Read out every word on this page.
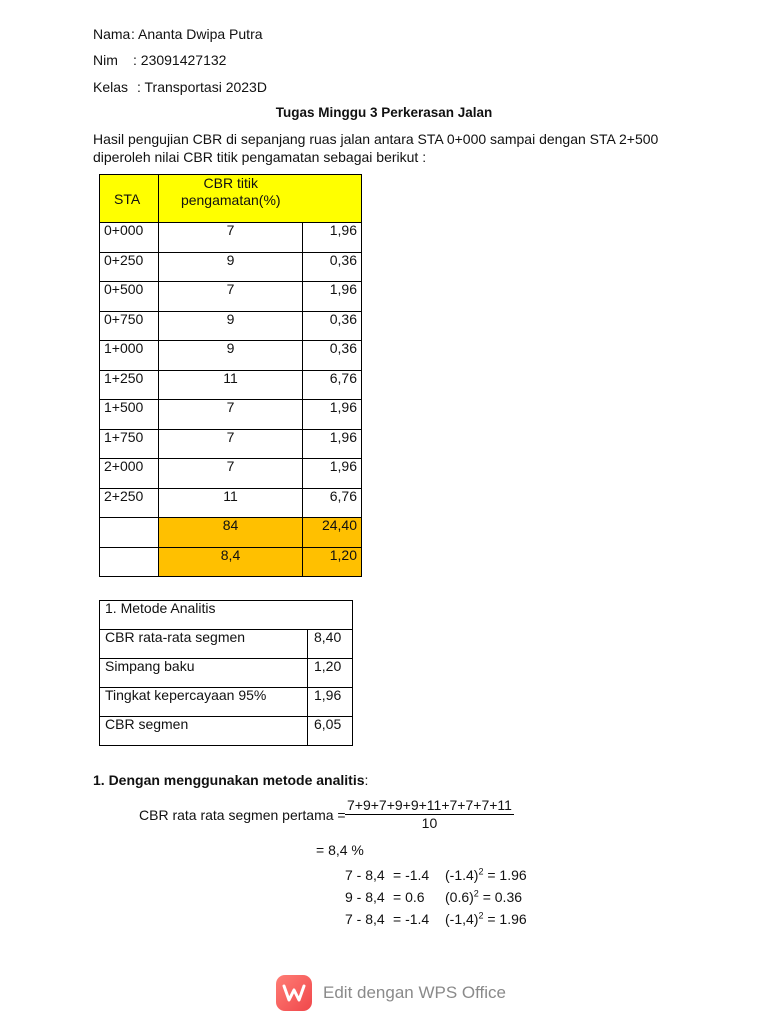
Nama: Ananta Dwipa Putra
Nim : 23091427132
Kelas : Transportasi 2023D
Tugas Minggu 3 Perkerasan Jalan
Hasil pengujian CBR di sepanjang ruas jalan antara STA 0+000 sampai dengan STA 2+500
diperoleh nilai CBR titik pengamatan sebagai berikut :
STA	CBR titik
pengamatan(%)	

0+000	7	1,96
0+250	9	0,36
0+500	7	1,96
0+750	9	0,36
1+000	9	0,36
1+250	11	6,76
1+500	7	1,96
1+750	7	1,96
2+000	7	1,96
2+250	11	6,76
	84	24,40
	8,4	1,20
1. Metode Analitis	
CBR rata-rata segmen	8,40
Simpang baku	1,20
Tingkat kepercayaan 95%	1,96
CBR segmen	6,05
1. Dengan menggunakan metode analitis:
CBR rata rata segmen pertama = $\frac{7+9+7+9+9+11+7+7+7+11}{10}$
= 8,4 %
7 - 8,4 = -1.4 $(-1.4)^2 = 1.96$
9 - 8,4 = 0.6 $(0.6)^2 = 0.36$
7 - 8,4 = -1.4 $(-1,4)^2 = 1.96$
Edit dengan WPS Office
